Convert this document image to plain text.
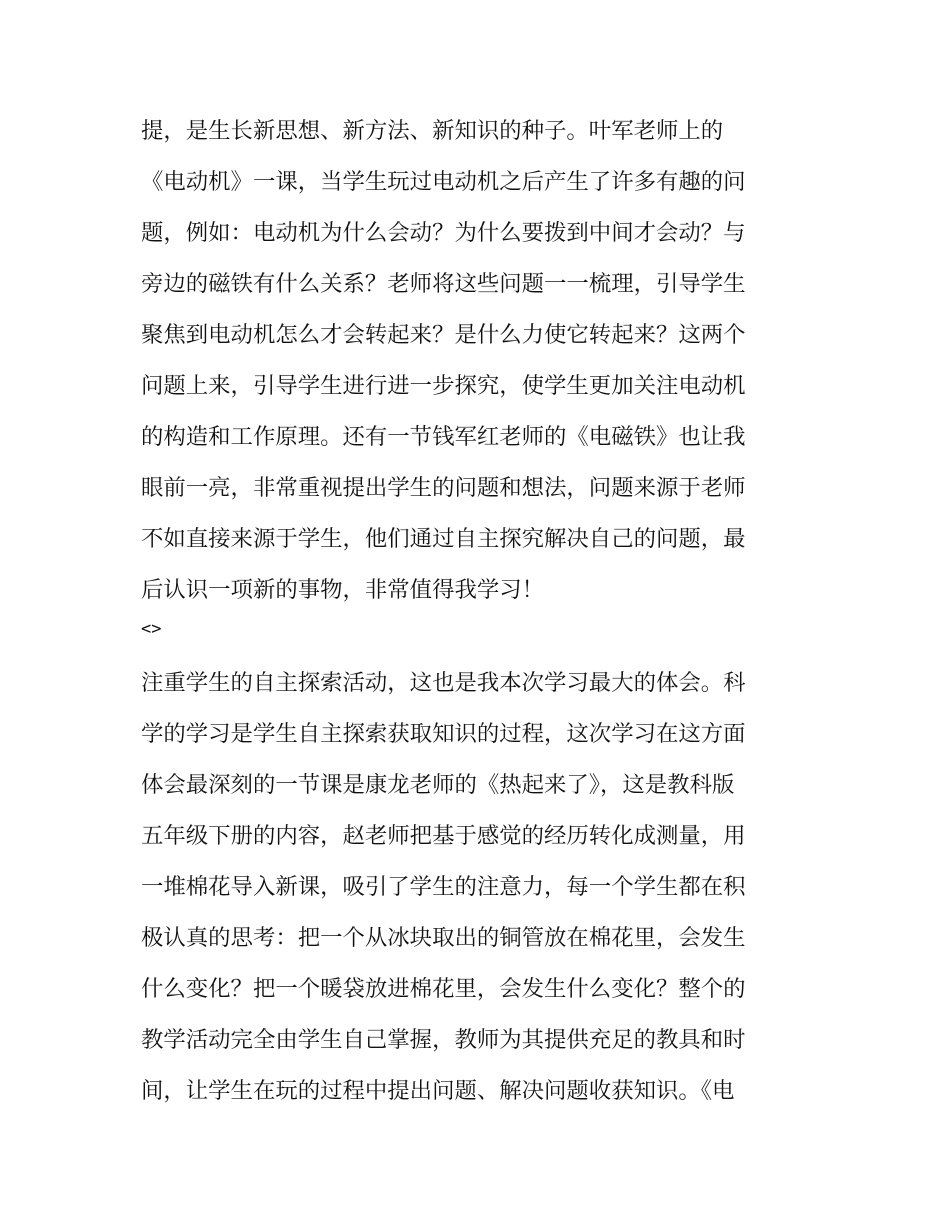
提，是生长新思想、新方法、新知识的种子。叶军老师上的
《电动机》一课，当学生玩过电动机之后产生了许多有趣的问
题，例如：电动机为什么会动？为什么要拨到中间才会动？与
旁边的磁铁有什么关系？老师将这些问题一一梳理，引导学生
聚焦到电动机怎么才会转起来？是什么力使它转起来？这两个
问题上来，引导学生进行进一步探究，使学生更加关注电动机
的构造和工作原理。还有一节钱军红老师的《电磁铁》也让我
眼前一亮，非常重视提出学生的问题和想法，问题来源于老师
不如直接来源于学生，他们通过自主探究解决自己的问题，最
后认识一项新的事物，非常值得我学习！
<>
注重学生的自主探索活动，这也是我本次学习最大的体会。科
学的学习是学生自主探索获取知识的过程，这次学习在这方面
体会最深刻的一节课是康龙老师的《热起来了》，这是教科版
五年级下册的内容，赵老师把基于感觉的经历转化成测量，用
一堆棉花导入新课，吸引了学生的注意力，每一个学生都在积
极认真的思考：把一个从冰块取出的铜管放在棉花里，会发生
什么变化？把一个暖袋放进棉花里，会发生什么变化？整个的
教学活动完全由学生自己掌握，教师为其提供充足的教具和时
间，让学生在玩的过程中提出问题、解决问题收获知识。《电
